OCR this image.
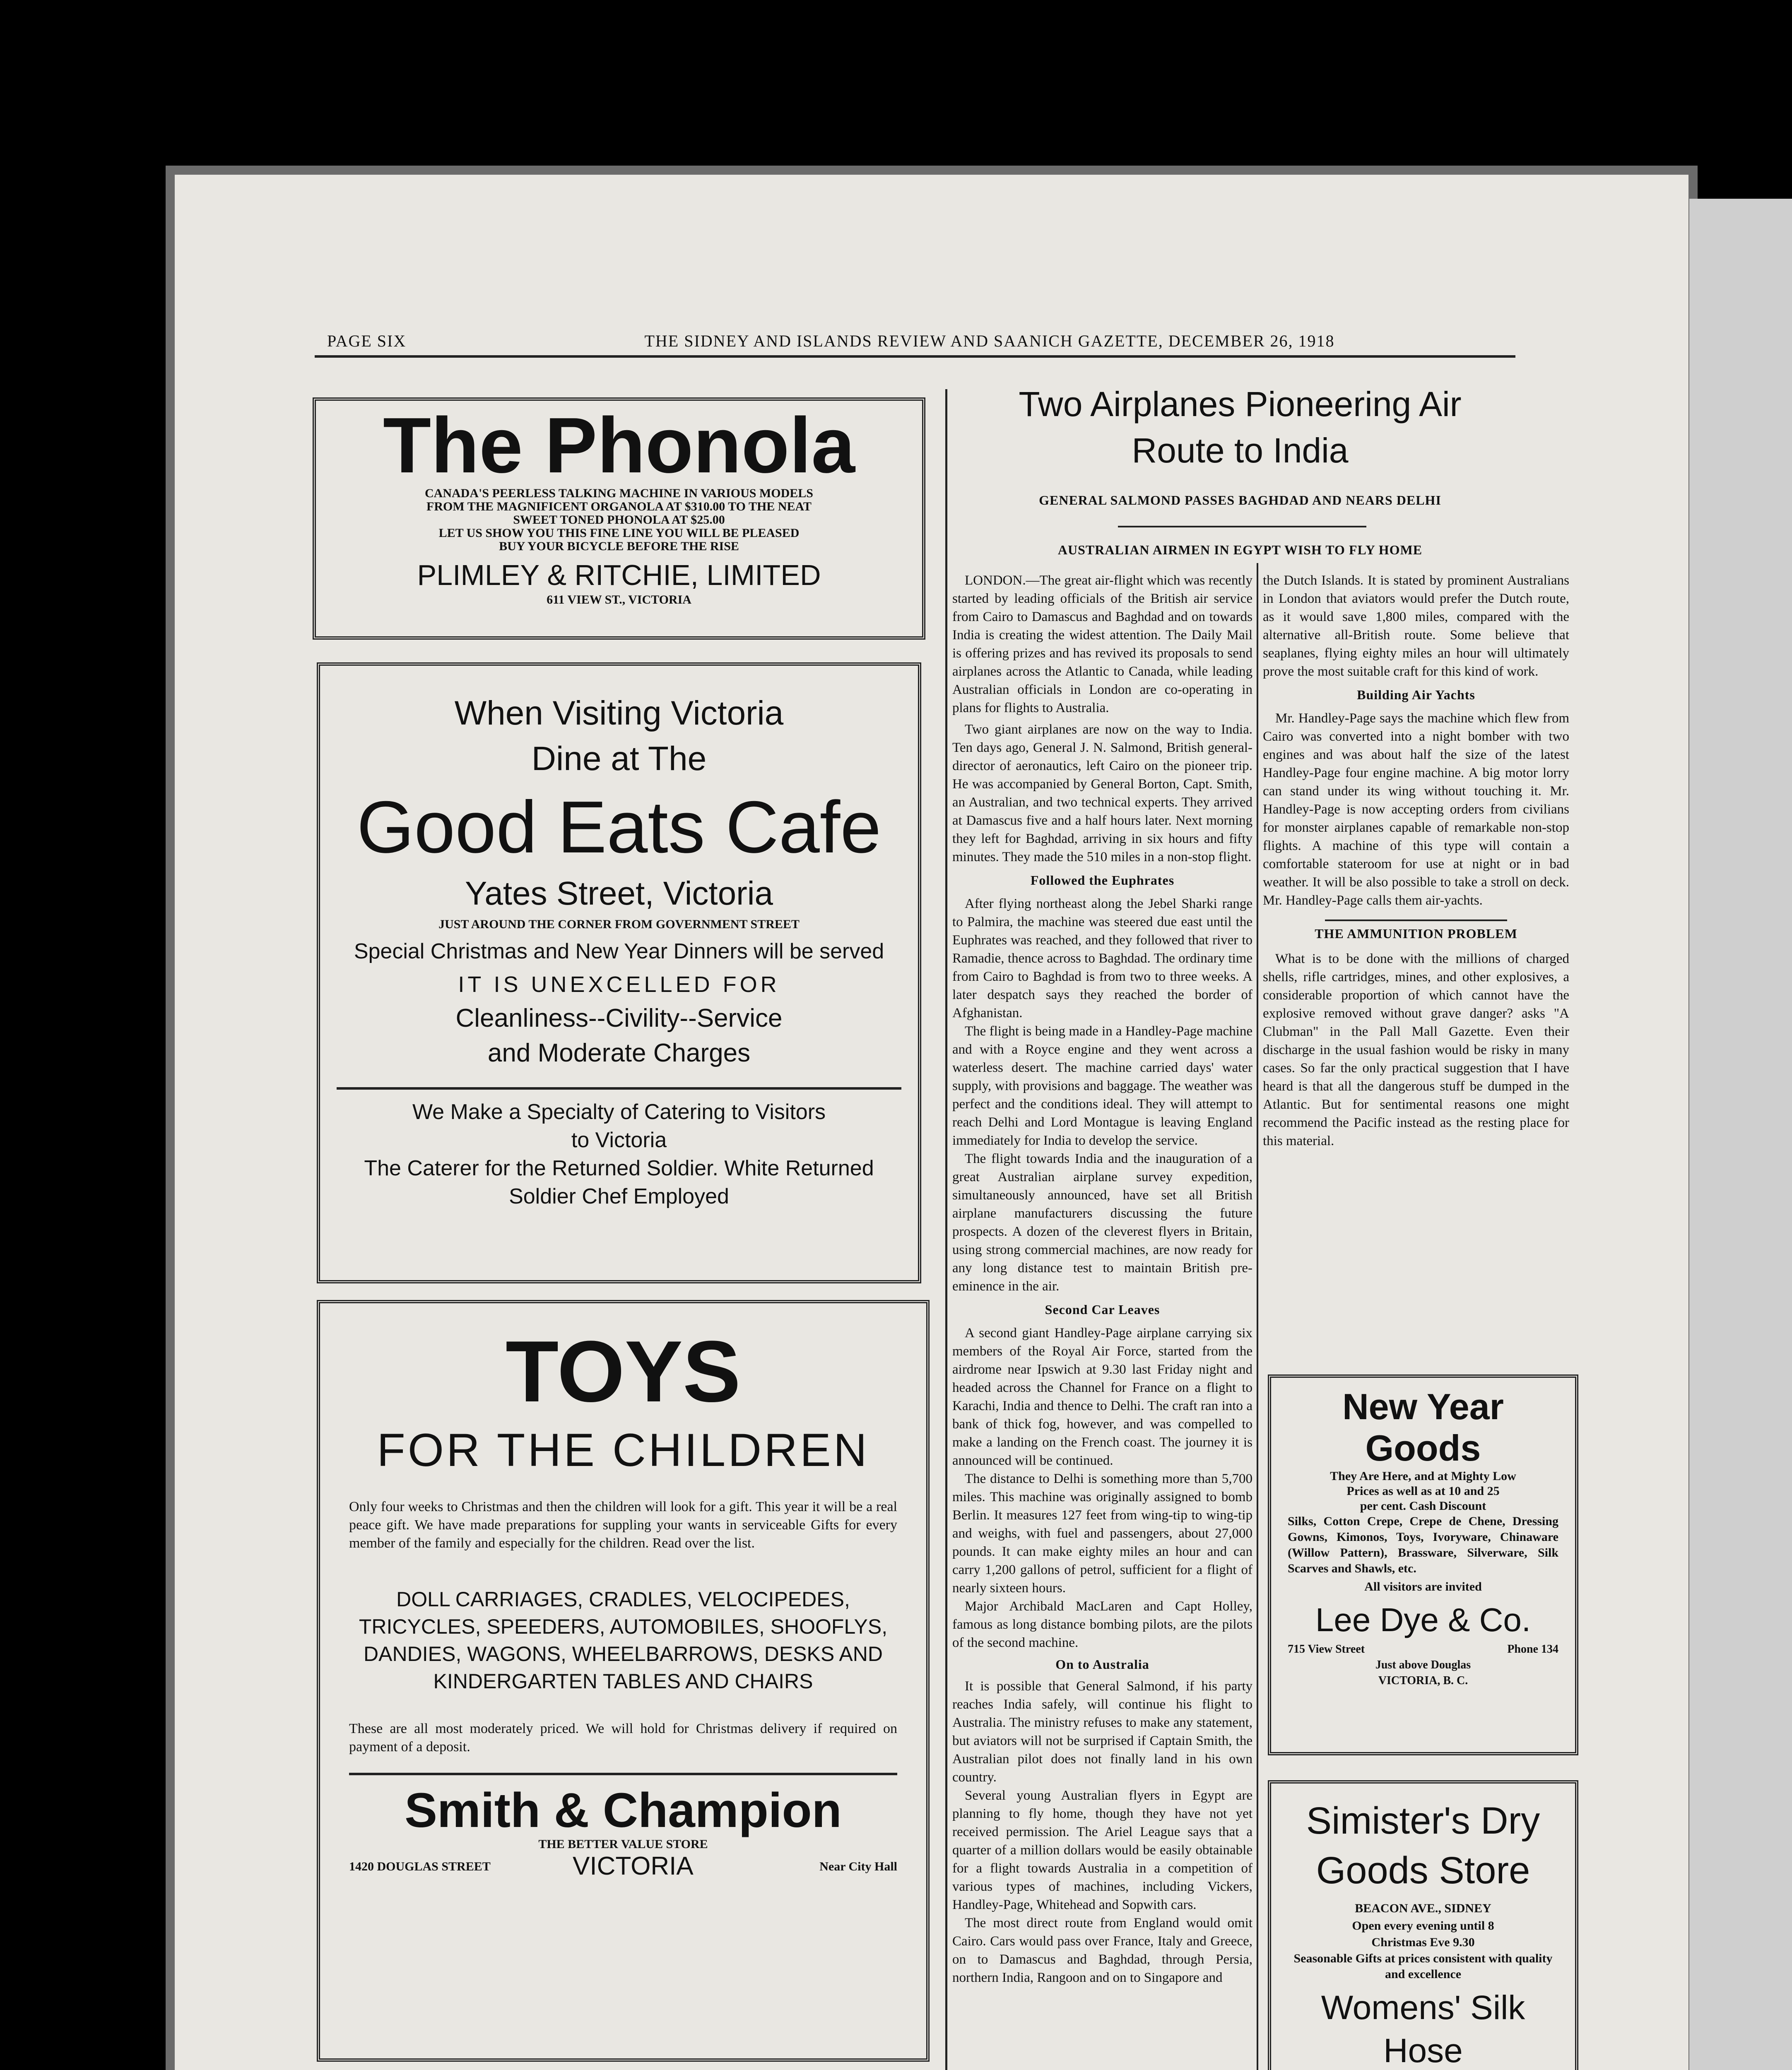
PAGE SIX	THE SIDNEY AND ISLANDS REVIEW AND SAANICH GAZETTE, DECEMBER 26, 1918
The Phonola
CANADA'S PEERLESS TALKING MACHINE IN VARIOUS MODELS
FROM THE MAGNIFICENT ORGANOLA AT $310.00 TO THE NEAT
SWEET TONED PHONOLA AT $25.00
LET US SHOW YOU THIS FINE LINE YOU WILL BE PLEASED
BUY YOUR BICYCLE BEFORE THE RISE
PLIMLEY & RITCHIE, LIMITED
611 VIEW ST., VICTORIA
When Visiting Victoria
Dine at The
Good Eats Cafe
Yates Street, Victoria
JUST AROUND THE CORNER FROM GOVERNMENT STREET
Special Christmas and New Year Dinners will be served
IT IS UNEXCELLED FOR
Cleanliness--Civility--Service
and Moderate Charges
We Make a Specialty of Catering to Visitors
to Victoria
The Caterer for the Returned Soldier. White Returned
Soldier Chef Employed
TOYS
FOR THE CHILDREN

Only four weeks to Christmas and then the children will look for a gift. This year it will be a real peace gift. We have made preparations for suppling your wants in serviceable Gifts for every member of the family and especially for the children. Read over the list.

DOLL CARRIAGES, CRADLES, VELOCIPEDES, TRICYCLES, SPEEDERS, AUTOMOBILES, SHOOFLYS, DANDIES, WAGONS, WHEELBARROWS, DESKS AND KINDERGARTEN TABLES AND CHAIRS

These are all most moderately priced. We will hold for Christmas delivery if required on payment of a deposit.

Smith & Champion
THE BETTER VALUE STORE
1420 DOUGLAS STREET	VICTORIA	Near City Hall

Two Airplanes Pioneering Air
Route to India
GENERAL SALMOND PASSES BAGHDAD AND NEARS DELHI
AUSTRALIAN AIRMEN IN EGYPT WISH TO FLY HOME

LONDON.—The great air-flight which was recently started by leading officials of the British air service from Cairo to Damascus and Baghdad and on towards India is creating the widest attention. The Daily Mail is offering prizes and has revived its proposals to send airplanes across the Atlantic to Canada, while leading Australian officials in London are co-operating in plans for flights to Australia.

Two giant airplanes are now on the way to India. Ten days ago, General J. N. Salmond, British general-director of aeronautics, left Cairo on the pioneer trip. He was accompanied by General Borton, Capt. Smith, an Australian, and two technical experts. They arrived at Damascus five and a half hours later. Next morning they left for Baghdad, arriving in six hours and fifty minutes. They made the 510 miles in a non-stop flight.

Followed the Euphrates

After flying northeast along the Jebel Sharki range to Palmira, the machine was steered due east until the Euphrates was reached, and they followed that river to Ramadie, thence across to Baghdad. The ordinary time from Cairo to Baghdad is from two to three weeks. A later despatch says they reached the border of Afghanistan.

The flight is being made in a Handley-Page machine and with a Royce engine and they went across a waterless desert. The machine carried days' water supply, with provisions and baggage. The weather was perfect and the conditions ideal. They will attempt to reach Delhi and Lord Montague is leaving England immediately for India to develop the service.

The flight towards India and the inauguration of a great Australian airplane survey expedition, simultaneously announced, have set all British airplane manufacturers discussing the future prospects. A dozen of the cleverest flyers in Britain, using strong commercial machines, are now ready for any long distance test to maintain British pre-eminence in the air.

Second Car Leaves

A second giant Handley-Page airplane carrying six members of the Royal Air Force, started from the airdrome near Ipswich at 9.30 last Friday night and headed across the Channel for France on a flight to Karachi, India and thence to Delhi. The craft ran into a bank of thick fog, however, and was compelled to make a landing on the French coast. The journey it is announced will be continued.

The distance to Delhi is something more than 5,700 miles. This machine was originally assigned to bomb Berlin. It measures 127 feet from wing-tip to wing-tip and weighs, with fuel and passengers, about 27,000 pounds. It can make eighty miles an hour and can carry 1,200 gallons of petrol, sufficient for a flight of nearly sixteen hours.

Major Archibald MacLaren and Capt Holley, famous as long distance bombing pilots, are the pilots of the second machine.

On to Australia

It is possible that General Salmond, if his party reaches India safely, will continue his flight to Australia. The ministry refuses to make any statement, but aviators will not be surprised if Captain Smith, the Australian pilot does not finally land in his own country.

Several young Australian flyers in Egypt are planning to fly home, though they have not yet received permission. The Ariel League says that a quarter of a million dollars would be easily obtainable for a flight towards Australia in a competition of various types of machines, including Vickers, Handley-Page, Whitehead and Sopwith cars.

The most direct route from England would omit Cairo. Cars would pass over France, Italy and Greece, on to Damascus and Baghdad, through Persia, northern India, Rangoon and on to Singapore and

the Dutch Islands. It is stated by prominent Australians in London that aviators would prefer the Dutch route, as it would save 1,800 miles, compared with the alternative all-British route. Some believe that seaplanes, flying eighty miles an hour will ultimately prove the most suitable craft for this kind of work.

Building Air Yachts

Mr. Handley-Page says the machine which flew from Cairo was converted into a night bomber with two engines and was about half the size of the latest Handley-Page four engine machine. A big motor lorry can stand under its wing without touching it. Mr. Handley-Page is now accepting orders from civilians for monster airplanes capable of remarkable non-stop flights. A machine of this type will contain a comfortable stateroom for use at night or in bad weather. It will be also possible to take a stroll on deck. Mr. Handley-Page calls them air-yachts.

THE AMMUNITION PROBLEM

What is to be done with the millions of charged shells, rifle cartridges, mines, and other explosives, a considerable proportion of which cannot have the explosive removed without grave danger? asks "A Clubman" in the Pall Mall Gazette. Even their discharge in the usual fashion would be risky in many cases. So far the only practical suggestion that I have heard is that all the dangerous stuff be dumped in the Atlantic. But for sentimental reasons one might recommend the Pacific instead as the resting place for this material.

New Year
Goods
They Are Here, and at Mighty Low
Prices as well as at 10 and 25
per cent. Cash Discount

Silks, Cotton Crepe, Crepe de Chene, Dressing Gowns, Kimonos, Toys, Ivoryware, Chinaware (Willow Pattern), Brassware, Silverware, Silk Scarves and Shawls, etc.

All visitors are invited
Lee Dye & Co.
715 View Street	Phone 134
Just above Douglas
VICTORIA, B. C.
Simister's Dry
Goods Store
BEACON AVE., SIDNEY
Open every evening until 8
Christmas Eve 9.30
Seasonable Gifts at prices consistent with quality and excellence
Womens' Silk
Hose
